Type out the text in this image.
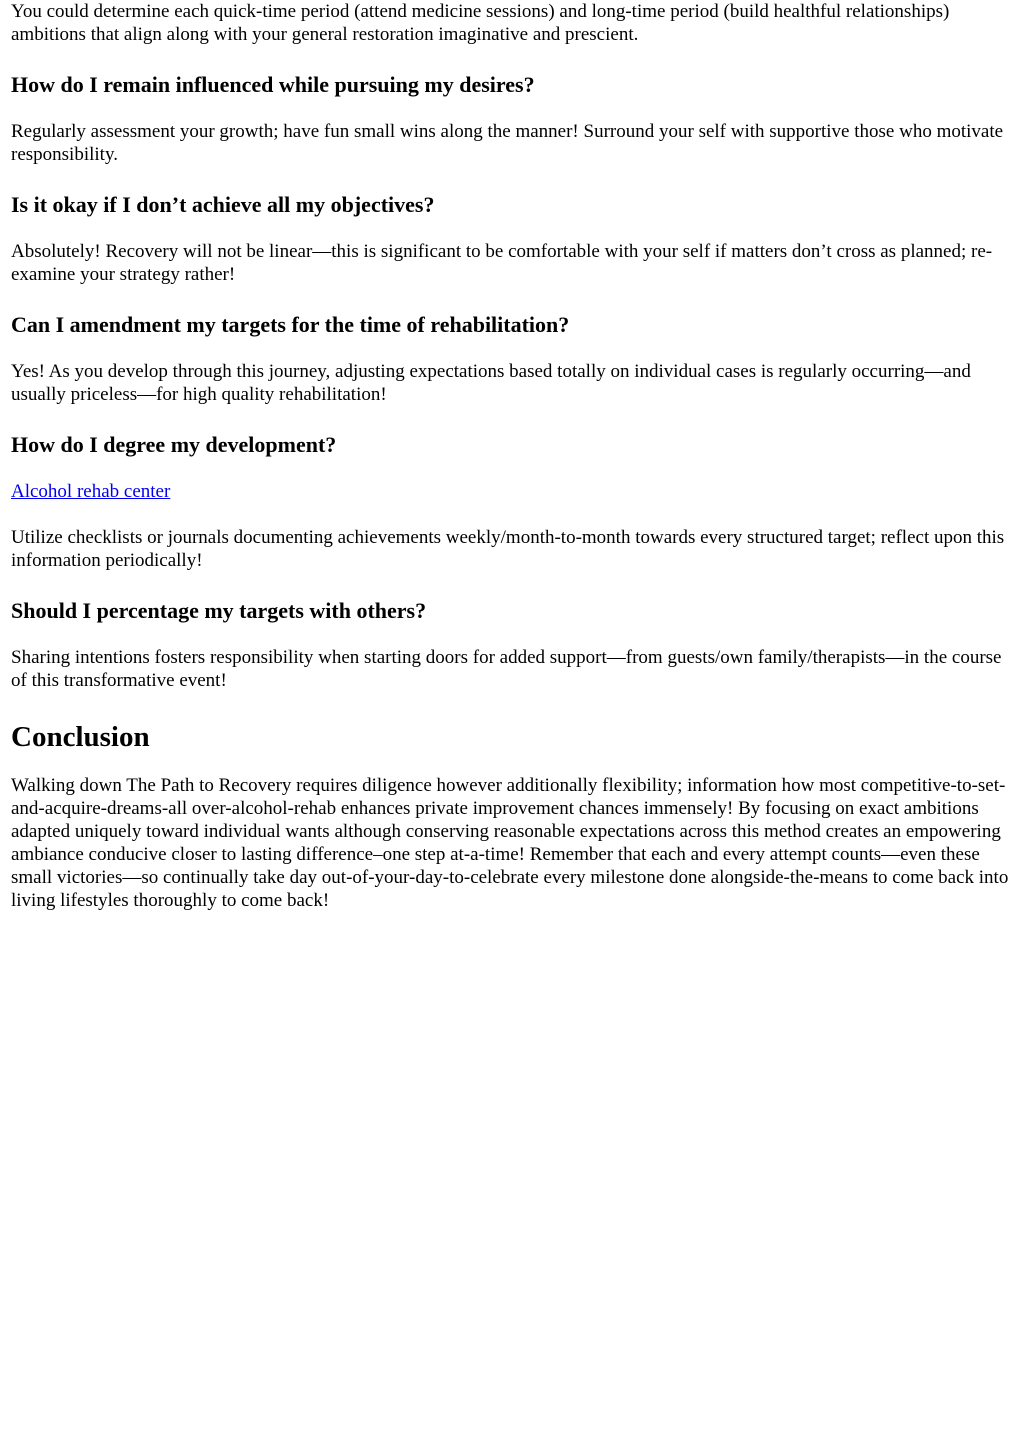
You could determine each quick-time period (attend medicine sessions) and long-time period (build healthful relationships) ambitions that align along with your general restoration imaginative and prescient.

How do I remain influenced while pursuing my desires?

Regularly assessment your growth; have fun small wins along the manner! Surround your self with supportive those who motivate responsibility.

Is it okay if I don’t achieve all my objectives?

Absolutely! Recovery will not be linear—this is significant to be comfortable with your self if matters don’t cross as planned; re-examine your strategy rather!

Can I amendment my targets for the time of rehabilitation?

Yes! As you develop through this journey, adjusting expectations based totally on individual cases is regularly occurring—and usually priceless—for high quality rehabilitation!

How do I degree my development?

Alcohol rehab center

Utilize checklists or journals documenting achievements weekly/month-to-month towards every structured target; reflect upon this information periodically!

Should I percentage my targets with others?

Sharing intentions fosters responsibility when starting doors for added support—from guests/own family/therapists—in the course of this transformative event!

Conclusion

Walking down The Path to Recovery requires diligence however additionally flexibility; information how most competitive-to-set-and-acquire-dreams-all over-alcohol-rehab enhances private improvement chances immensely! By focusing on exact ambitions adapted uniquely toward individual wants although conserving reasonable expectations across this method creates an empowering ambiance conducive closer to lasting difference–one step at-a-time! Remember that each and every attempt counts—even these small victories—so continually take day out-of-your-day-to-celebrate every milestone done alongside-the-means to come back into living lifestyles thoroughly to come back!
